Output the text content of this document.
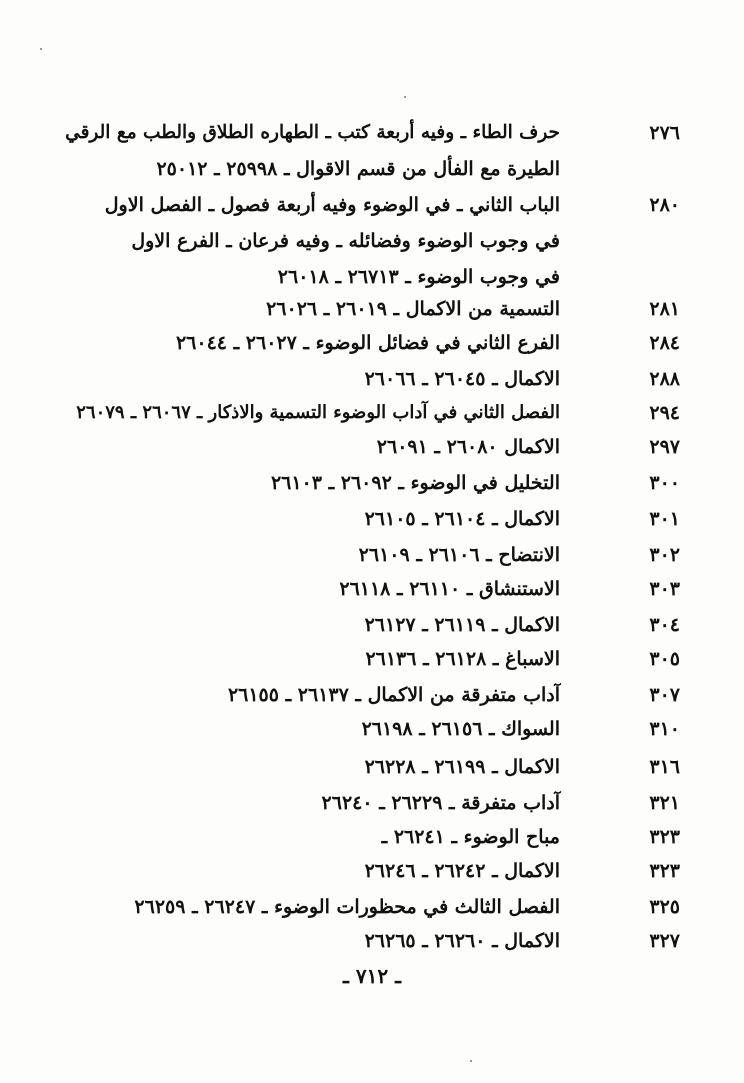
٢٧٦
حرف الطاء ـ وفيه أربعة كتب ـ الطهاره الطلاق والطب مع الرقي
الطيرة مع الفأل من قسم الاقوال ـ ٢٥٩٩٨ ـ ٢٥٠١٢
٢٨٠
الباب الثاني ـ في الوضوء وفيه أربعة فصول ـ الفصل الاول
في وجوب الوضوء وفضائله ـ وفيه فرعان ـ الفرع الاول
في وجوب الوضوء ـ ٢٦٧١٣ ـ ٢٦٠١٨
٢٨١
التسمية من الاكمال ـ ٢٦٠١٩ ـ ٢٦٠٢٦
٢٨٤
الفرع الثاني في فضائل الوضوء ـ ٢٦٠٢٧ ـ ٢٦٠٤٤
٢٨٨
الاكمال ـ ٢٦٠٤٥ ـ ٢٦٠٦٦
٢٩٤
الفصل الثاني في آداب الوضوء التسمية والاذكار ـ ٢٦٠٦٧ ـ ٢٦٠٧٩
٢٩٧
الاكمال ٢٦٠٨٠ ـ ٢٦٠٩١
٣٠٠
التخليل في الوضوء ـ ٢٦٠٩٢ ـ ٢٦١٠٣
٣٠١
الاكمال ـ ٢٦١٠٤ ـ ٢٦١٠٥
٣٠٢
الانتضاح ـ ٢٦١٠٦ ـ ٢٦١٠٩
٣٠٣
الاستنشاق ـ ٢٦١١٠ ـ ٢٦١١٨
٣٠٤
الاكمال ـ ٢٦١١٩ ـ ٢٦١٢٧
٣٠٥
الاسباغ ـ ٢٦١٢٨ ـ ٢٦١٣٦
٣٠٧
آداب متفرقة من الاكمال ـ ٢٦١٣٧ ـ ٢٦١٥٥
٣١٠
السواك ـ ٢٦١٥٦ ـ ٢٦١٩٨
٣١٦
الاكمال ـ ٢٦١٩٩ ـ ٢٦٢٢٨
٣٢١
آداب متفرقة ـ ٢٦٢٢٩ ـ ٢٦٢٤٠
٣٢٣
مباح الوضوء ـ ٢٦٢٤١ ـ
٣٢٣
الاكمال ـ ٢٦٢٤٢ ـ ٢٦٢٤٦
٣٢٥
الفصل الثالث في محظورات الوضوء ـ ٢٦٢٤٧ ـ ٢٦٢٥٩
٣٢٧
الاكمال ـ ٢٦٢٦٠ ـ ٢٦٢٦٥
ـ ٧١٢ ـ
